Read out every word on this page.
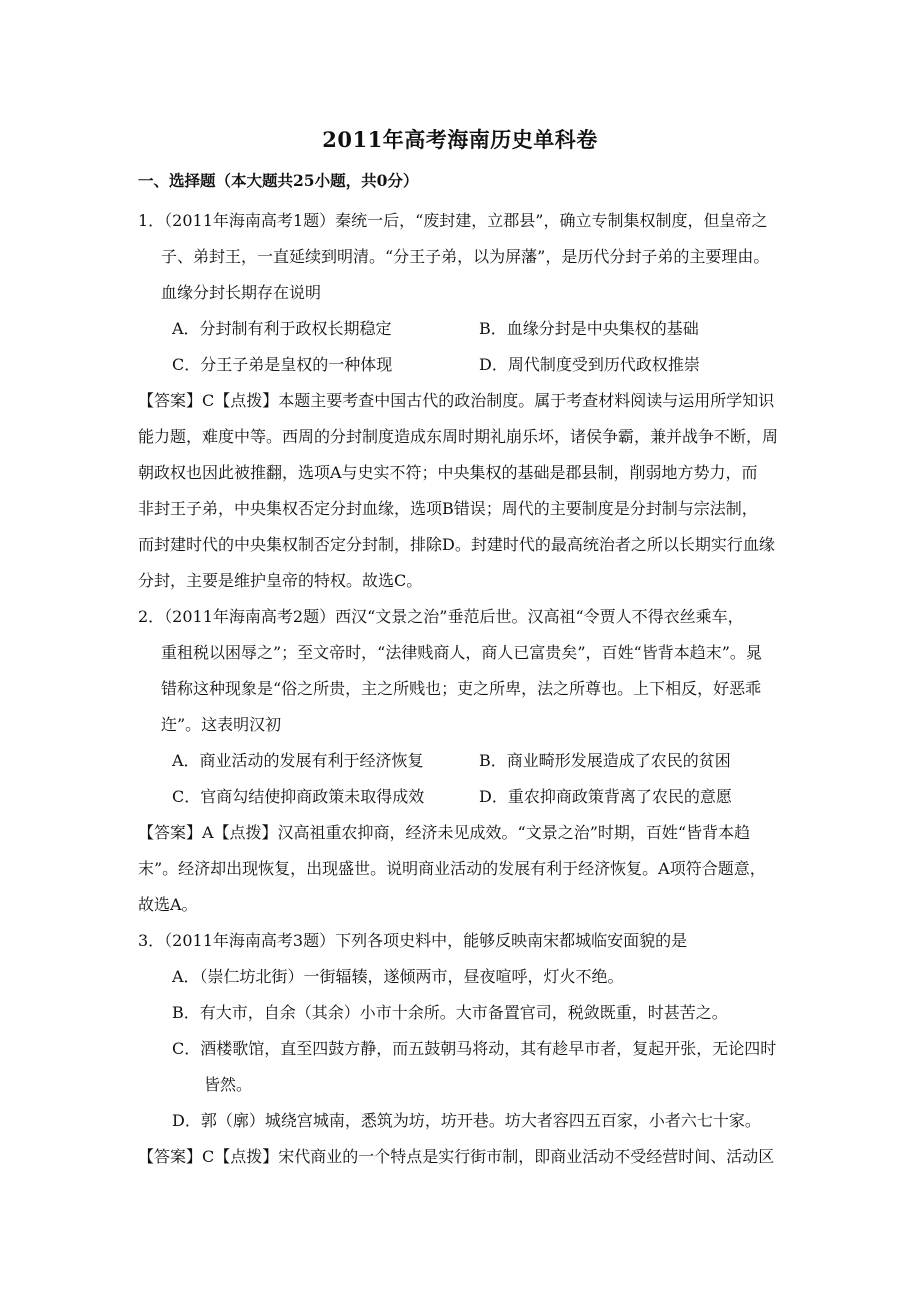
2011年高考海南历史单科卷
一、选择题（本大题共25小题，共0分）
1．（2011年海南高考1题）秦统一后，“废封建，立郡县”，确立专制集权制度，但皇帝之
子、弟封王，一直延续到明清。“分王子弟，以为屏藩”，是历代分封子弟的主要理由。
血缘分封长期存在说明
A．分封制有利于政权长期稳定	B．血缘分封是中央集权的基础
C．分王子弟是皇权的一种体现	D．周代制度受到历代政权推崇
【答案】C【点拨】本题主要考查中国古代的政治制度。属于考查材料阅读与运用所学知识
能力题，难度中等。西周的分封制度造成东周时期礼崩乐坏，诸侯争霸，兼并战争不断，周
朝政权也因此被推翻，选项A与史实不符；中央集权的基础是郡县制，削弱地方势力，而
非封王子弟，中央集权否定分封血缘，选项B错误；周代的主要制度是分封制与宗法制，
而封建时代的中央集权制否定分封制，排除D。封建时代的最高统治者之所以长期实行血缘
分封，主要是维护皇帝的特权。故选C。
2．（2011年海南高考2题）西汉“文景之治”垂范后世。汉高祖“令贾人不得衣丝乘车，
重租税以困辱之”；至文帝时，“法律贱商人，商人已富贵矣”，百姓“皆背本趋末”。晁
错称这种现象是“俗之所贵，主之所贱也；吏之所卑，法之所尊也。上下相反，好恶乖
迕”。这表明汉初
A．商业活动的发展有利于经济恢复	B．商业畸形发展造成了农民的贫困
C．官商勾结使抑商政策未取得成效	D．重农抑商政策背离了农民的意愿
【答案】A【点拨】汉高祖重农抑商，经济未见成效。“文景之治”时期，百姓“皆背本趋
末”。经济却出现恢复，出现盛世。说明商业活动的发展有利于经济恢复。A项符合题意，
故选A。
3．（2011年海南高考3题）下列各项史料中，能够反映南宋都城临安面貌的是
A．（崇仁坊北街）一街辐辏，遂倾两市，昼夜喧呼，灯火不绝。
B．有大市，自余（其余）小市十余所。大市备置官司，税敛既重，时甚苦之。
C．酒楼歌馆，直至四鼓方静，而五鼓朝马将动，其有趁早市者，复起开张，无论四时
皆然。
D．郭（廓）城绕宫城南，悉筑为坊，坊开巷。坊大者容四五百家，小者六七十家。
【答案】C【点拨】宋代商业的一个特点是实行街市制，即商业活动不受经营时间、活动区
